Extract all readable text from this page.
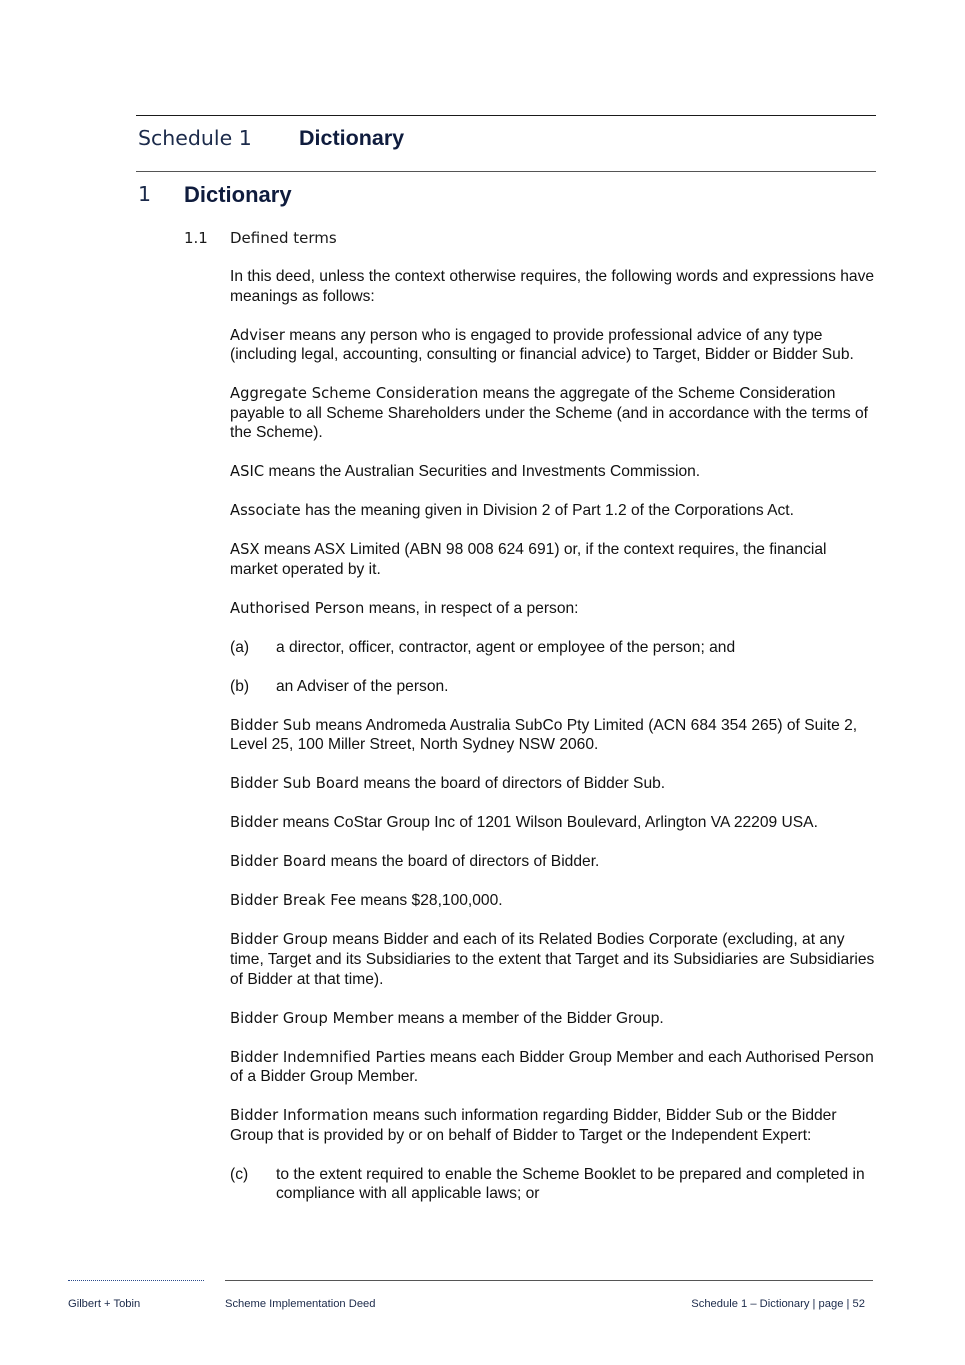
Schedule 1 Dictionary
1 Dictionary
1.1 Defined terms

In this deed, unless the context otherwise requires, the following words and expressions have meanings as follows:

Adviser means any person who is engaged to provide professional advice of any type (including legal, accounting, consulting or financial advice) to Target, Bidder or Bidder Sub.

Aggregate Scheme Consideration means the aggregate of the Scheme Consideration payable to all Scheme Shareholders under the Scheme (and in accordance with the terms of the Scheme).

ASIC means the Australian Securities and Investments Commission.

Associate has the meaning given in Division 2 of Part 1.2 of the Corporations Act.

ASX means ASX Limited (ABN 98 008 624 691) or, if the context requires, the financial market operated by it.

Authorised Person means, in respect of a person:

(a) a director, officer, contractor, agent or employee of the person; and

(b) an Adviser of the person.

Bidder Sub means Andromeda Australia SubCo Pty Limited (ACN 684 354 265) of Suite 2, Level 25, 100 Miller Street, North Sydney NSW 2060.

Bidder Sub Board means the board of directors of Bidder Sub.

Bidder means CoStar Group Inc of 1201 Wilson Boulevard, Arlington VA 22209 USA.

Bidder Board means the board of directors of Bidder.

Bidder Break Fee means $28,100,000.

Bidder Group means Bidder and each of its Related Bodies Corporate (excluding, at any time, Target and its Subsidiaries to the extent that Target and its Subsidiaries are Subsidiaries of Bidder at that time).

Bidder Group Member means a member of the Bidder Group.

Bidder Indemnified Parties means each Bidder Group Member and each Authorised Person of a Bidder Group Member.

Bidder Information means such information regarding Bidder, Bidder Sub or the Bidder Group that is provided by or on behalf of Bidder to Target or the Independent Expert:

(c) to the extent required to enable the Scheme Booklet to be prepared and completed in compliance with all applicable laws; or

Gilbert + Tobin	Scheme Implementation Deed	Schedule 1 – Dictionary | page | 52
